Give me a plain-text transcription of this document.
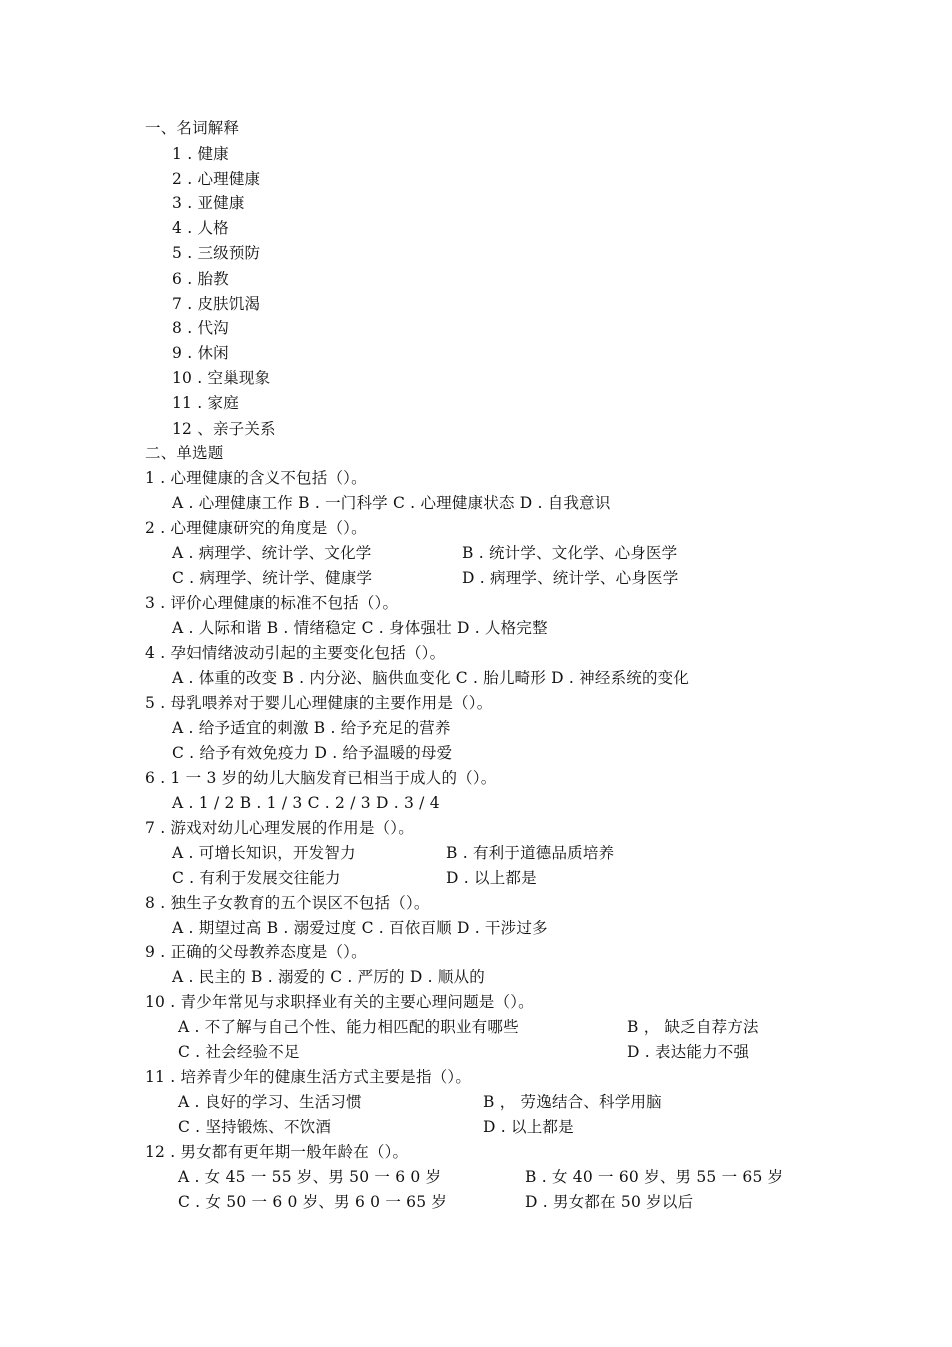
一、名词解释
1 . 健康
2 . 心理健康
3 . 亚健康
4 . 人格
5 . 三级预防
6 . 胎教
7 . 皮肤饥渴
8 . 代沟
9 . 休闲
10 . 空巢现象
11 . 家庭
12 、亲子关系
二、单选题
1 . 心理健康的含义不包括（）。
A . 心理健康工作 B . 一门科学 C . 心理健康状态 D . 自我意识
2 . 心理健康研究的角度是（）。
A . 病理学、统计学、文化学	B . 统计学、文化学、心身医学
C . 病理学、统计学、健康学	D . 病理学、统计学、心身医学
3 . 评价心理健康的标准不包括（）。
A . 人际和谐 B . 情绪稳定 C . 身体强壮 D . 人格完整
4 . 孕妇情绪波动引起的主要变化包括（）。
A . 体重的改变 B . 内分泌、脑供血变化 C . 胎儿畸形 D . 神经系统的变化
5 . 母乳喂养对于婴儿心理健康的主要作用是（）。
A . 给予适宜的刺激 B . 给予充足的营养
C . 给予有效免疫力 D . 给予温暖的母爱
6 . 1 一 3 岁的幼儿大脑发育已相当于成人的（）。
A . 1 / 2 B . 1 / 3 C . 2 / 3 D . 3 / 4
7 . 游戏对幼儿心理发展的作用是（）。
A . 可增长知识，开发智力	B . 有利于道德品质培养
C . 有利于发展交往能力	D . 以上都是
8 . 独生子女教育的五个误区不包括（）。
A . 期望过高 B . 溺爱过度 C . 百依百顺 D . 干涉过多
9 . 正确的父母教养态度是（）。
A . 民主的 B . 溺爱的 C . 严厉的 D . 顺从的
10 . 青少年常见与求职择业有关的主要心理问题是（）。
A . 不了解与自己个性、能力相匹配的职业有哪些	B ， 缺乏自荐方法
C . 社会经验不足	D . 表达能力不强
11 . 培养青少年的健康生活方式主要是指（）。
A . 良好的学习、生活习惯	B ， 劳逸结合、科学用脑
C . 坚持锻炼、不饮酒	D . 以上都是
12 . 男女都有更年期一般年龄在（）。
A . 女 45 一 55 岁、男 50 一 6 0 岁	B . 女 40 一 60 岁、男 55 一 65 岁
C . 女 50 一 6 0 岁、男 6 0 一 65 岁	D . 男女都在 50 岁以后
